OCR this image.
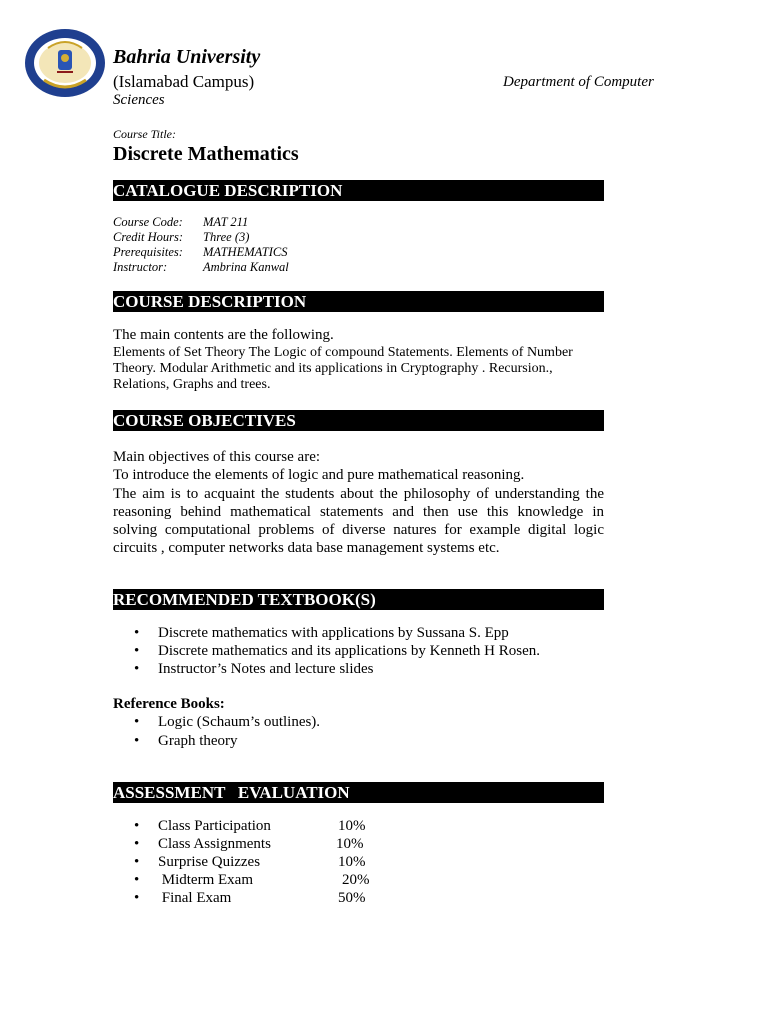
Bahria University
(Islamabad Campus)	Department of Computer
Sciences
Course Title:
Discrete Mathematics
CATALOGUE DESCRIPTION
Course Code: MAT 211
Credit Hours: Three (3)
Prerequisites: MATHEMATICS
Instructor:	Ambrina Kanwal
COURSE DESCRIPTION
The main contents are the following.
Elements of Set Theory The Logic of compound Statements. Elements of Number
Theory. Modular Arithmetic and its applications in Cryptography . Recursion.,
Relations, Graphs and trees.
COURSE OBJECTIVES
Main objectives of this course are:
To introduce the elements of logic and pure mathematical reasoning.
The aim is to acquaint the students about the philosophy of understanding the reasoning behind mathematical statements and then use this knowledge in solving computational problems of diverse natures for example digital logic circuits , computer networks data base management systems etc.
RECOMMENDED TEXTBOOK(S)
• Discrete mathematics with applications by Sussana S. Epp
• Discrete mathematics and its applications by Kenneth H Rosen.
• Instructor’s Notes and lecture slides
Reference Books:
• Logic (Schaum’s outlines).
• Graph theory
ASSESSMENT   EVALUATION
• Class Participation	10%
• Class Assignments	10%
• Surprise Quizzes	10%
• Midterm Exam	20%
• Final Exam	50%
